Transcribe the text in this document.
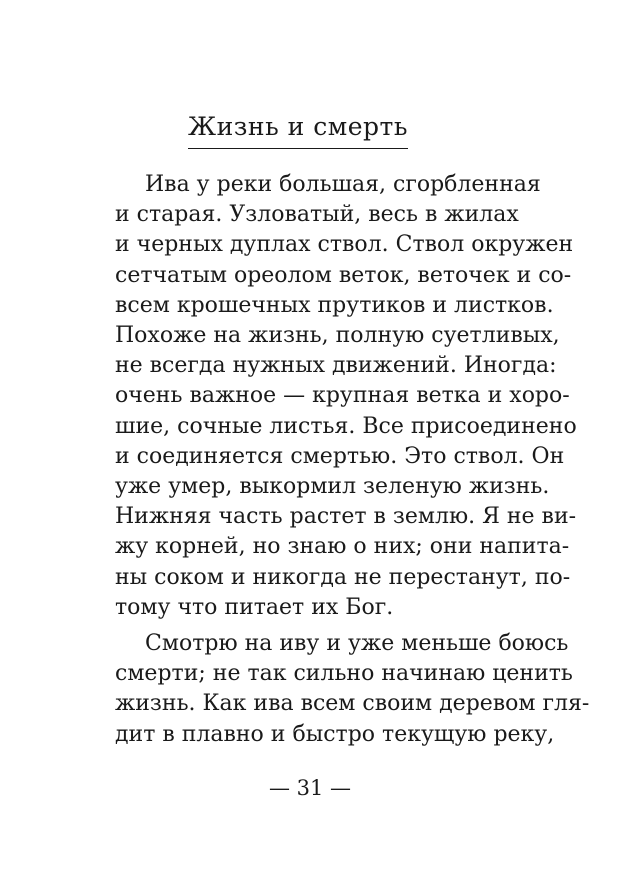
Жизнь и смерть
Ива у реки большая, сгорбленная
и старая. Узловатый, весь в жилах
и черных дуплах ствол. Ствол окружен
сетчатым ореолом веток, веточек и со-
всем крошечных прутиков и листков.
Похоже на жизнь, полную суетливых,
не всегда нужных движений. Иногда:
очень важное — крупная ветка и хоро-
шие, сочные листья. Все присоединено
и соединяется смертью. Это ствол. Он
уже умер, выкормил зеленую жизнь.
Нижняя часть растет в землю. Я не ви-
жу корней, но знаю о них; они напита-
ны соком и никогда не перестанут, по-
тому что питает их Бог.
Смотрю на иву и уже меньше боюсь
смерти; не так сильно начинаю ценить
жизнь. Как ива всем своим деревом гля-
дит в плавно и быстро текущую реку,
— 31 —
